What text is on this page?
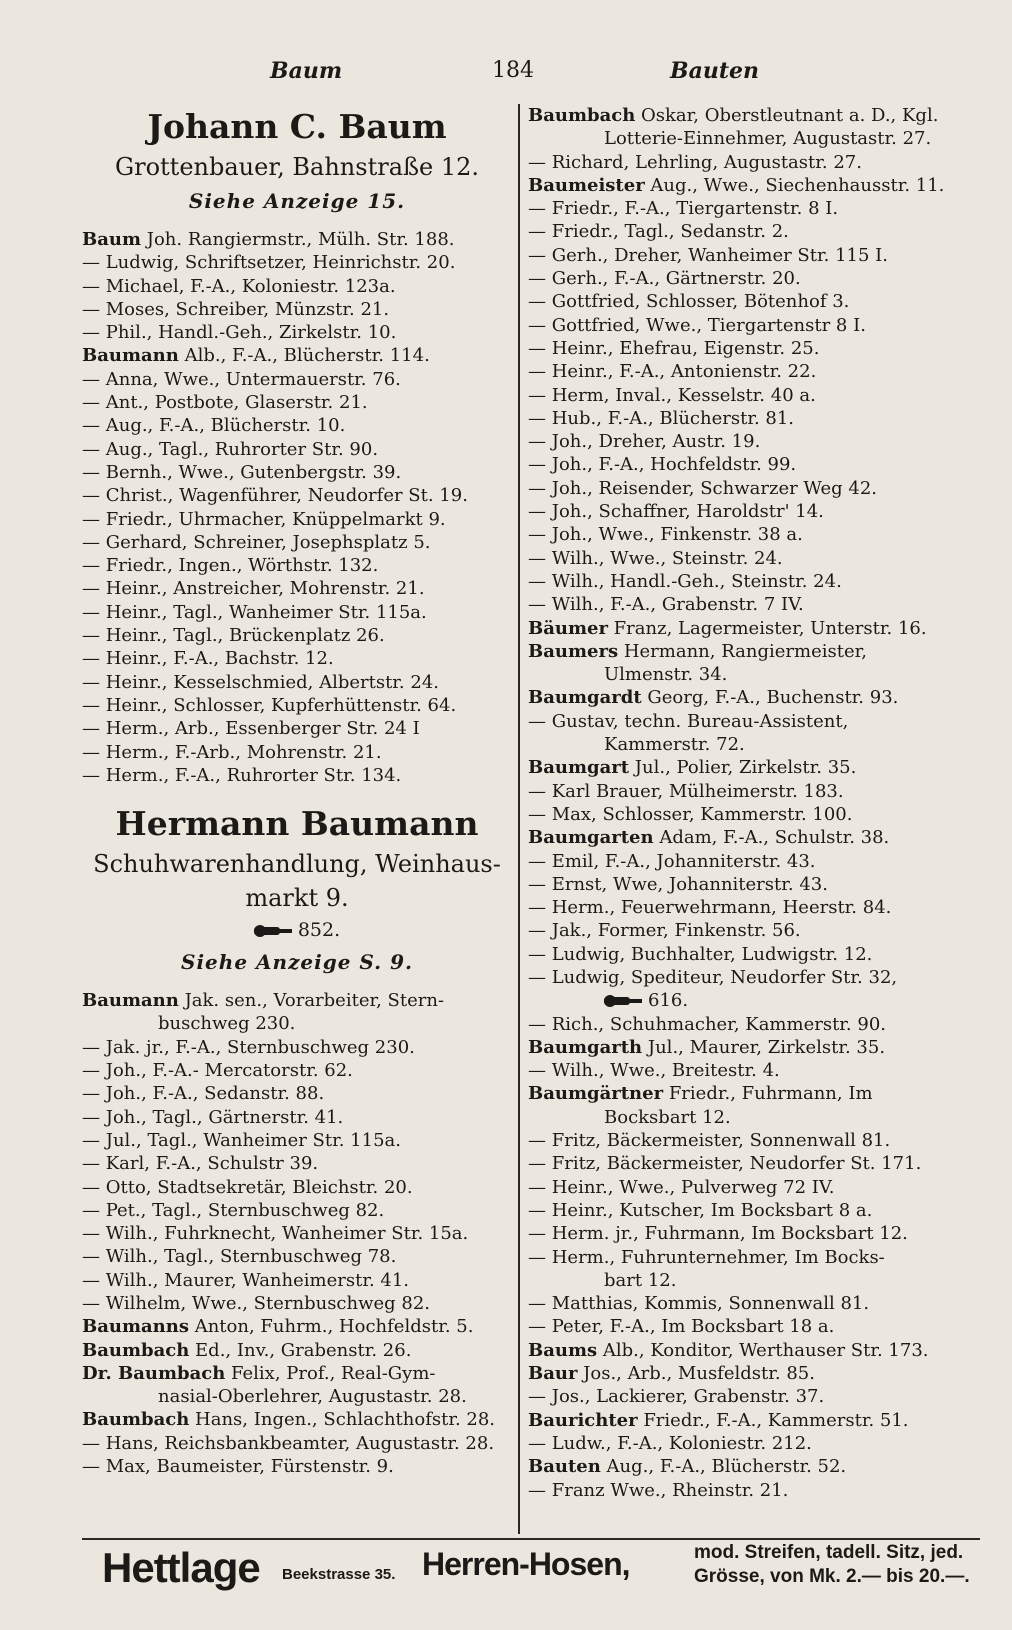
Baum	184	Bauten
Johann C. Baum
Grottenbauer, Bahnstraße 12.
Siehe Anzeige 15.
Baum Joh. Rangiermstr., Mülh. Str. 188.
— Ludwig, Schriftsetzer, Heinrichstr. 20.
— Michael, F.-A., Koloniestr. 123a.
— Moses, Schreiber, Münzstr. 21.
— Phil., Handl.-Geh., Zirkelstr. 10.
Baumann Alb., F.-A., Blücherstr. 114.
— Anna, Wwe., Untermauerstr. 76.
— Ant., Postbote, Glaserstr. 21.
— Aug., F.-A., Blücherstr. 10.
— Aug., Tagl., Ruhrorter Str. 90.
— Bernh., Wwe., Gutenbergstr. 39.
— Christ., Wagenführer, Neudorfer St. 19.
— Friedr., Uhrmacher, Knüppelmarkt 9.
— Gerhard, Schreiner, Josephsplatz 5.
— Friedr., Ingen., Wörthstr. 132.
— Heinr., Anstreicher, Mohrenstr. 21.
— Heinr., Tagl., Wanheimer Str. 115a.
— Heinr., Tagl., Brückenplatz 26.
— Heinr., F.-A., Bachstr. 12.
— Heinr., Kesselschmied, Albertstr. 24.
— Heinr., Schlosser, Kupferhüttenstr. 64.
— Herm., Arb., Essenberger Str. 24 I
— Herm., F.-Arb., Mohrenstr. 21.
— Herm., F.-A., Ruhrorter Str. 134.
Hermann Baumann
Schuhwarenhandlung, Weinhaus-
markt 9.
852.
Siehe Anzeige S. 9.
Baumann Jak. sen., Vorarbeiter, Stern-
buschweg 230.
— Jak. jr., F.-A., Sternbuschweg 230.
— Joh., F.-A.- Mercatorstr. 62.
— Joh., F.-A., Sedanstr. 88.
— Joh., Tagl., Gärtnerstr. 41.
— Jul., Tagl., Wanheimer Str. 115a.
— Karl, F.-A., Schulstr 39.
— Otto, Stadtsekretär, Bleichstr. 20.
— Pet., Tagl., Sternbuschweg 82.
— Wilh., Fuhrknecht, Wanheimer Str. 15a.
— Wilh., Tagl., Sternbuschweg 78.
— Wilh., Maurer, Wanheimerstr. 41.
— Wilhelm, Wwe., Sternbuschweg 82.
Baumanns Anton, Fuhrm., Hochfeldstr. 5.
Baumbach Ed., Inv., Grabenstr. 26.
Dr. Baumbach Felix, Prof., Real-Gym-
nasial-Oberlehrer, Augustastr. 28.
Baumbach Hans, Ingen., Schlachthofstr. 28.
— Hans, Reichsbankbeamter, Augustastr. 28.
— Max, Baumeister, Fürstenstr. 9.
Baumbach Oskar, Oberstleutnant a. D., Kgl.
Lotterie-Einnehmer, Augustastr. 27.
— Richard, Lehrling, Augustastr. 27.
Baumeister Aug., Wwe., Siechenhausstr. 11.
— Friedr., F.-A., Tiergartenstr. 8 I.
— Friedr., Tagl., Sedanstr. 2.
— Gerh., Dreher, Wanheimer Str. 115 I.
— Gerh., F.-A., Gärtnerstr. 20.
— Gottfried, Schlosser, Bötenhof 3.
— Gottfried, Wwe., Tiergartenstr 8 I.
— Heinr., Ehefrau, Eigenstr. 25.
— Heinr., F.-A., Antonienstr. 22.
— Herm, Inval., Kesselstr. 40 a.
— Hub., F.-A., Blücherstr. 81.
— Joh., Dreher, Austr. 19.
— Joh., F.-A., Hochfeldstr. 99.
— Joh., Reisender, Schwarzer Weg 42.
— Joh., Schaffner, Haroldstr' 14.
— Joh., Wwe., Finkenstr. 38 a.
— Wilh., Wwe., Steinstr. 24.
— Wilh., Handl.-Geh., Steinstr. 24.
— Wilh., F.-A., Grabenstr. 7 IV.
Bäumer Franz, Lagermeister, Unterstr. 16.
Baumers Hermann, Rangiermeister,
Ulmenstr. 34.
Baumgardt Georg, F.-A., Buchenstr. 93.
— Gustav, techn. Bureau-Assistent,
Kammerstr. 72.
Baumgart Jul., Polier, Zirkelstr. 35.
— Karl Brauer, Mülheimerstr. 183.
— Max, Schlosser, Kammerstr. 100.
Baumgarten Adam, F.-A., Schulstr. 38.
— Emil, F.-A., Johanniterstr. 43.
— Ernst, Wwe, Johanniterstr. 43.
— Herm., Feuerwehrmann, Heerstr. 84.
— Jak., Former, Finkenstr. 56.
— Ludwig, Buchhalter, Ludwigstr. 12.
— Ludwig, Spediteur, Neudorfer Str. 32,
616.
— Rich., Schuhmacher, Kammerstr. 90.
Baumgarth Jul., Maurer, Zirkelstr. 35.
— Wilh., Wwe., Breitestr. 4.
Baumgärtner Friedr., Fuhrmann, Im
Bocksbart 12.
— Fritz, Bäckermeister, Sonnenwall 81.
— Fritz, Bäckermeister, Neudorfer St. 171.
— Heinr., Wwe., Pulverweg 72 IV.
— Heinr., Kutscher, Im Bocksbart 8 a.
— Herm. jr., Fuhrmann, Im Bocksbart 12.
— Herm., Fuhrunternehmer, Im Bocks-
bart 12.
— Matthias, Kommis, Sonnenwall 81.
— Peter, F.-A., Im Bocksbart 18 a.
Baums Alb., Konditor, Werthauser Str. 173.
Baur Jos., Arb., Musfeldstr. 85.
— Jos., Lackierer, Grabenstr. 37.
Baurichter Friedr., F.-A., Kammerstr. 51.
— Ludw., F.-A., Koloniestr. 212.
Bauten Aug., F.-A., Blücherstr. 52.
— Franz Wwe., Rheinstr. 21.
Hettlage Beekstrasse 35. Herren-Hosen,	mod. Streifen, tadell. Sitz, jed.
Grösse, von Mk. 2.— bis 20.—.
